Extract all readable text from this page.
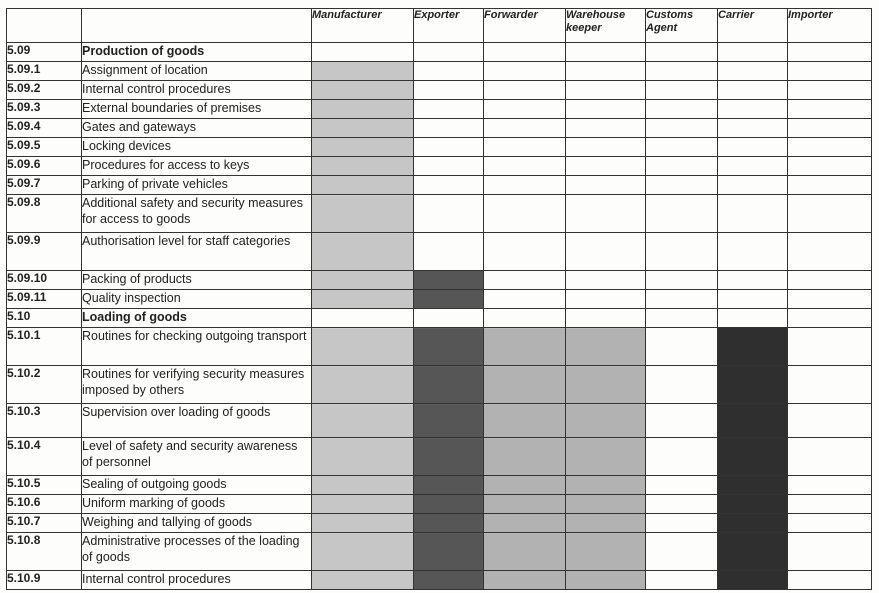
		Manufacturer	Exporter	Forwarder	Warehouse keeper	Customs Agent	Carrier	Importer
5.09	Production of goods							
5.09.1	Assignment of location							
5.09.2	Internal control procedures							
5.09.3	External boundaries of premises							
5.09.4	Gates and gateways							
5.09.5	Locking devices							
5.09.6	Procedures for access to keys							
5.09.7	Parking of private vehicles							
5.09.8	Additional safety and security measures for access to goods							
5.09.9	Authorisation level for staff categories							
5.09.10	Packing of products							
5.09.11	Quality inspection							
5.10	Loading of goods							
5.10.1	Routines for checking outgoing transport							
5.10.2	Routines for verifying security measures imposed by others							
5.10.3	Supervision over loading of goods							
5.10.4	Level of safety and security awareness of personnel							
5.10.5	Sealing of outgoing goods							
5.10.6	Uniform marking of goods							
5.10.7	Weighing and tallying of goods							
5.10.8	Administrative processes of the loading of goods							
5.10.9	Internal control procedures							
